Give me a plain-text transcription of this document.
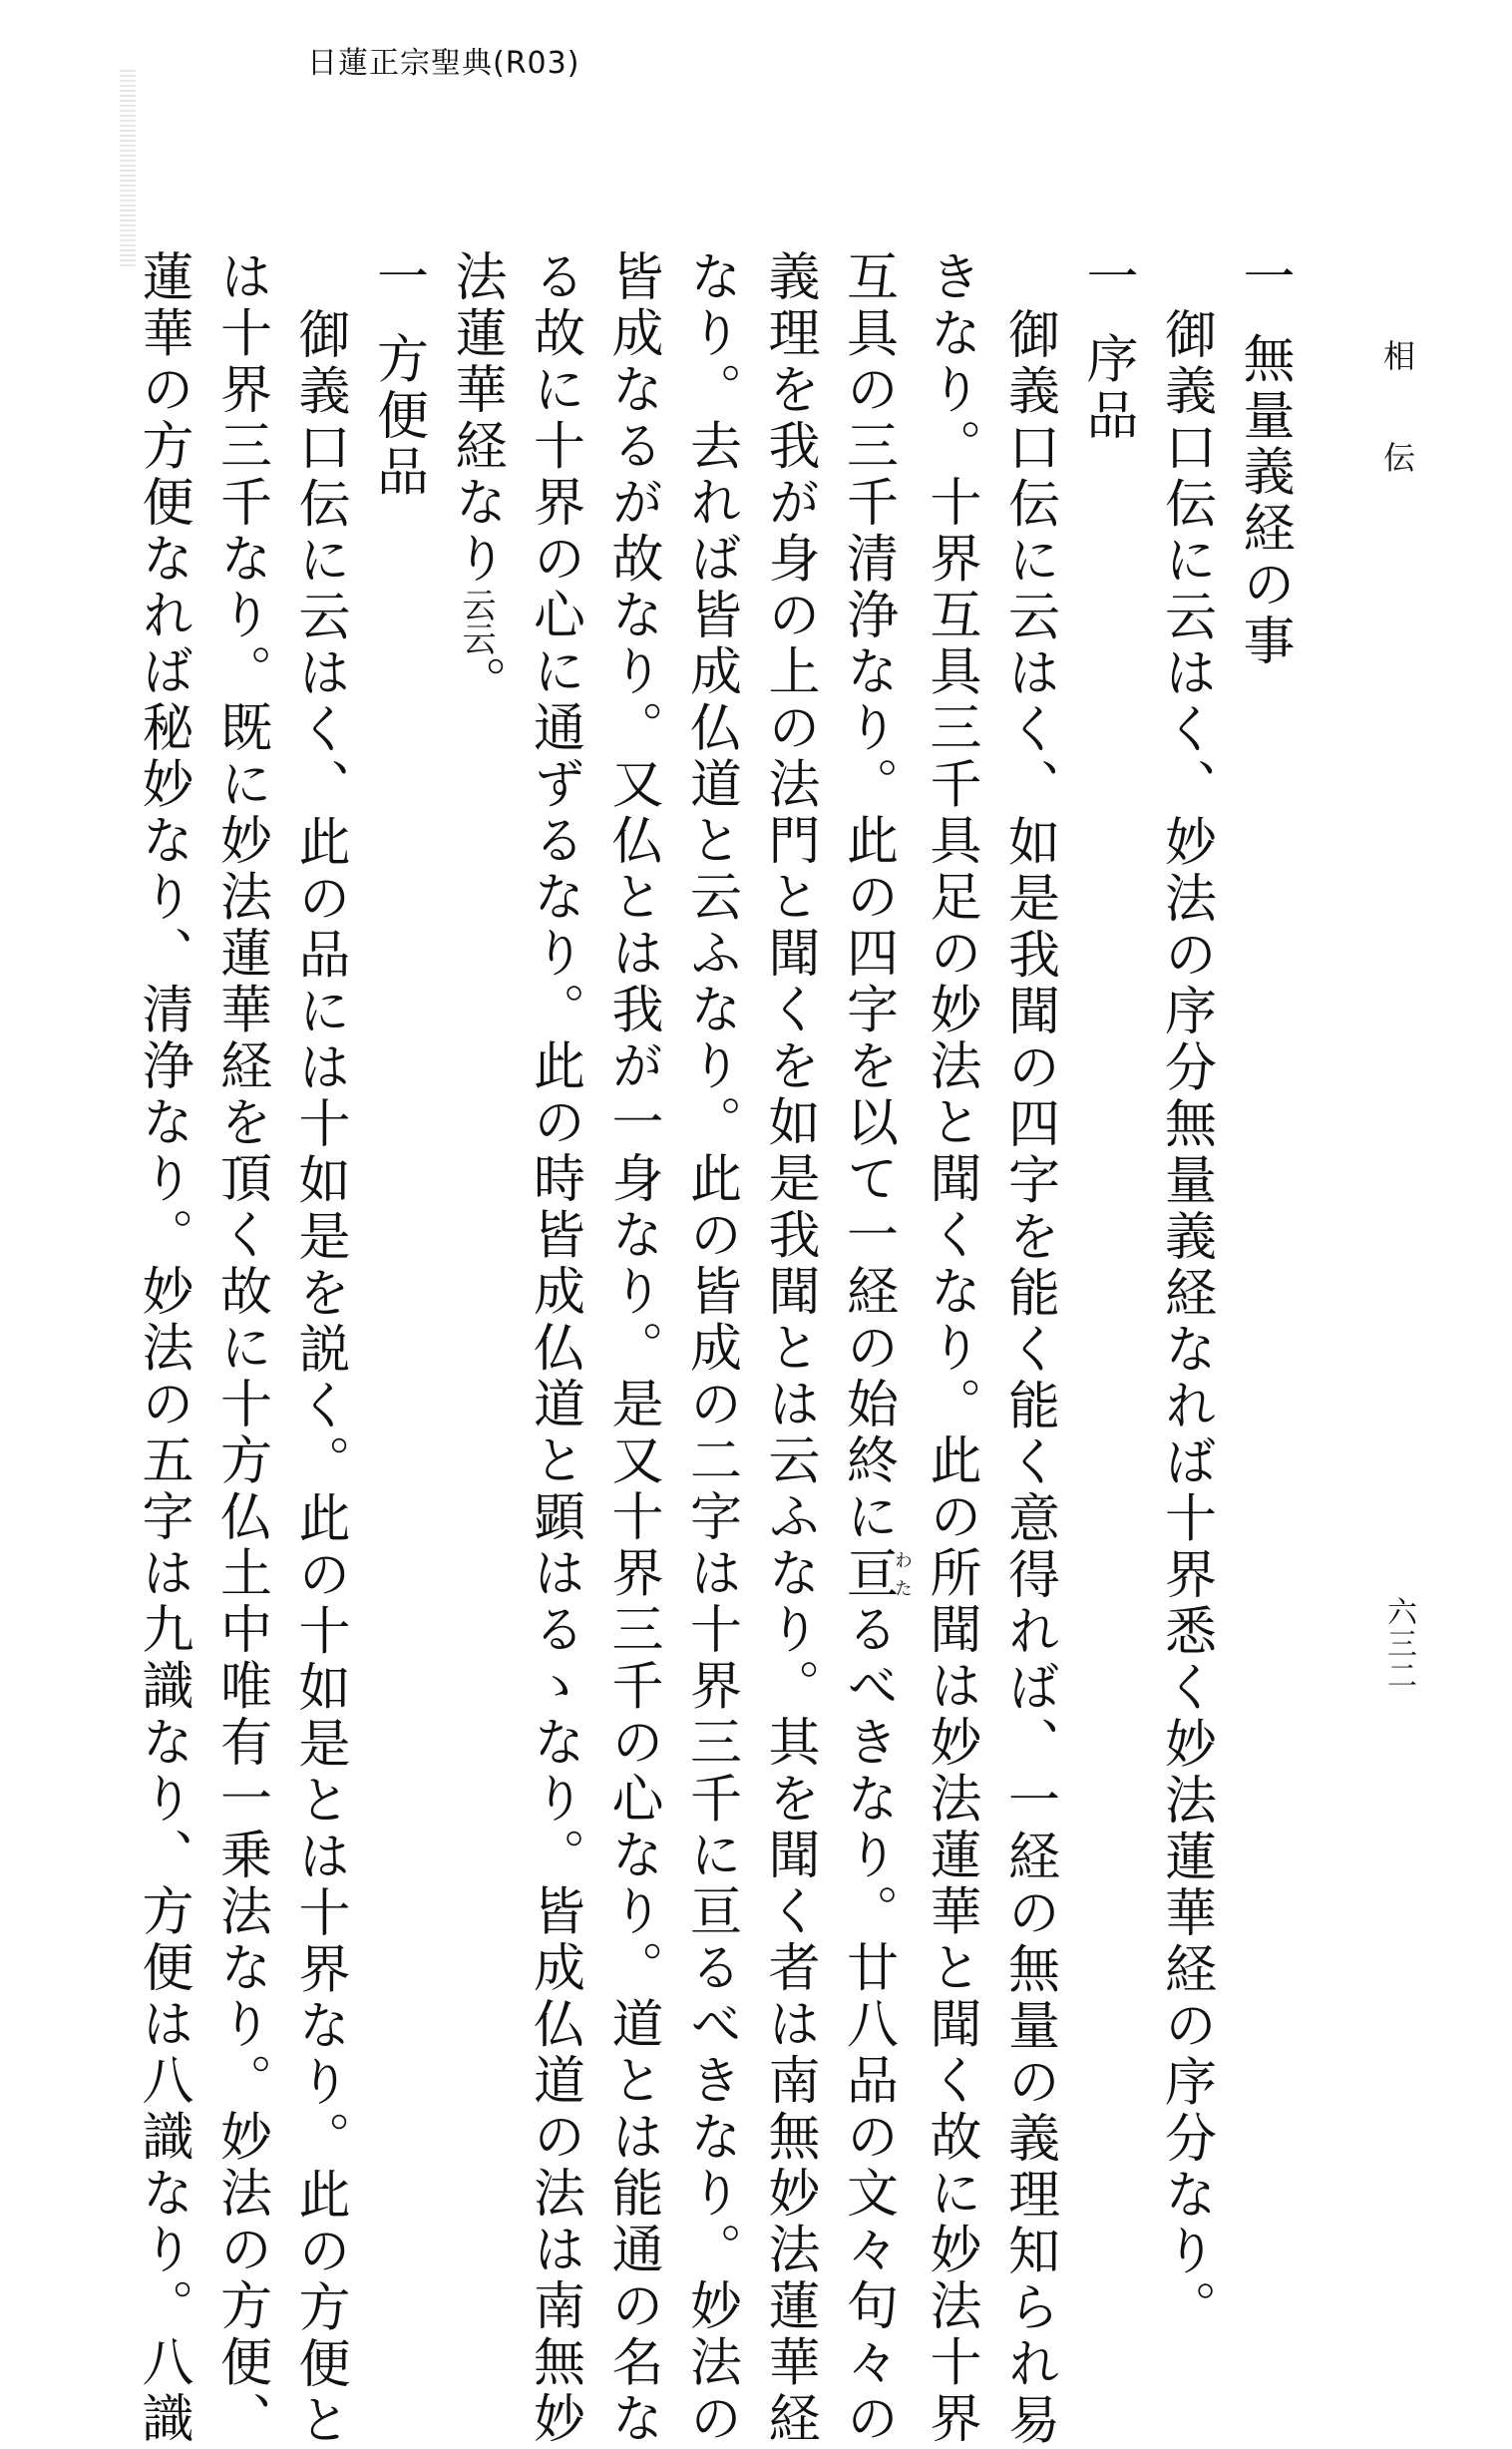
日蓮正宗聖典(R03)
相伝
六三二
一無量義経の事
御義口伝に云はく、妙法の序分無量義経なれば十界悉く妙法蓮華経の序分なり。
一序品
御義口伝に云はく、如是我聞の四字を能く能く意得れば、一経の無量の義理知られ易
きなり。十界互具三千具足の妙法と聞くなり。此の所聞は妙法蓮華と聞く故に妙法十界
互具の三千清浄なり。此の四字を以て一経の始終に亘わたるべきなり。廿八品の文々句々の
義理を我が身の上の法門と聞くを如是我聞とは云ふなり。其を聞く者は南無妙法蓮華経
なり。去れば皆成仏道と云ふなり。此の皆成の二字は十界三千に亘るべきなり。妙法の
皆成なるが故なり。又仏とは我が一身なり。是又十界三千の心なり。道とは能通の名な
る故に十界の心に通ずるなり。此の時皆成仏道と顕はるゝなり。皆成仏道の法は南無妙
法蓮華経なり云云。
一方便品
御義口伝に云はく、此の品には十如是を説く。此の十如是とは十界なり。此の方便と
は十界三千なり。既に妙法蓮華経を頂く故に十方仏土中唯有一乗法なり。妙法の方便、
蓮華の方便なれば秘妙なり、清浄なり。妙法の五字は九識なり、方便は八識なり。八識
